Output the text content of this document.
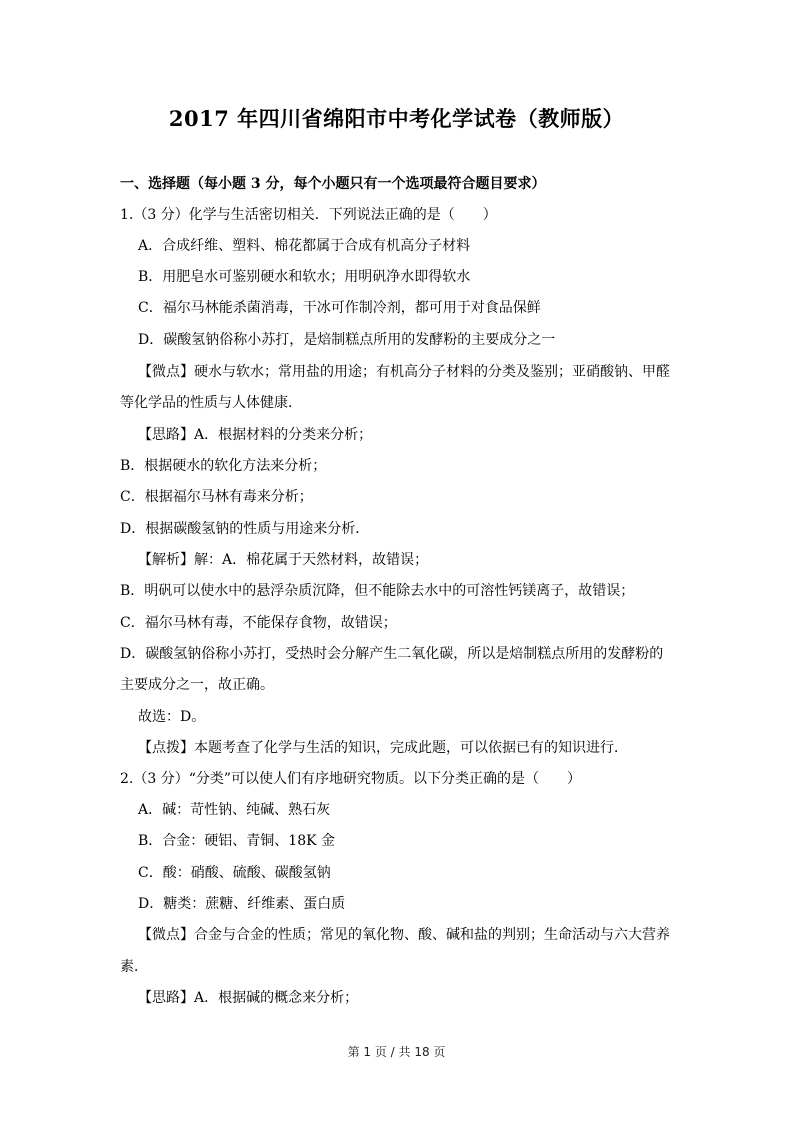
2017 年四川省绵阳市中考化学试卷（教师版）
一、选择题（每小题 3 分，每个小题只有一个选项最符合题目要求）
1.（3 分）化学与生活密切相关．下列说法正确的是（　　）
A．合成纤维、塑料、棉花都属于合成有机高分子材料
B．用肥皂水可鉴别硬水和软水；用明矾净水即得软水
C．福尔马林能杀菌消毒，干冰可作制冷剂，都可用于对食品保鲜
D．碳酸氢钠俗称小苏打，是焙制糕点所用的发酵粉的主要成分之一
【微点】硬水与软水；常用盐的用途；有机高分子材料的分类及鉴别；亚硝酸钠、甲醛
等化学品的性质与人体健康．
【思路】A．根据材料的分类来分析；
B．根据硬水的软化方法来分析；
C．根据福尔马林有毒来分析；
D．根据碳酸氢钠的性质与用途来分析．
【解析】解：A．棉花属于天然材料，故错误；
B．明矾可以使水中的悬浮杂质沉降，但不能除去水中的可溶性钙镁离子，故错误；
C．福尔马林有毒，不能保存食物，故错误；
D．碳酸氢钠俗称小苏打，受热时会分解产生二氧化碳，所以是焙制糕点所用的发酵粉的
主要成分之一，故正确。
故选：D。
【点拨】本题考查了化学与生活的知识，完成此题，可以依据已有的知识进行．
2.（3 分）“分类”可以使人们有序地研究物质。以下分类正确的是（　　）
A．碱：苛性钠、纯碱、熟石灰
B．合金：硬铝、青铜、18K 金
C．酸：硝酸、硫酸、碳酸氢钠
D．糖类：蔗糖、纤维素、蛋白质
【微点】合金与合金的性质；常见的氧化物、酸、碱和盐的判别；生命活动与六大营养
素．
【思路】A．根据碱的概念来分析；
第 1 页 / 共 18 页
